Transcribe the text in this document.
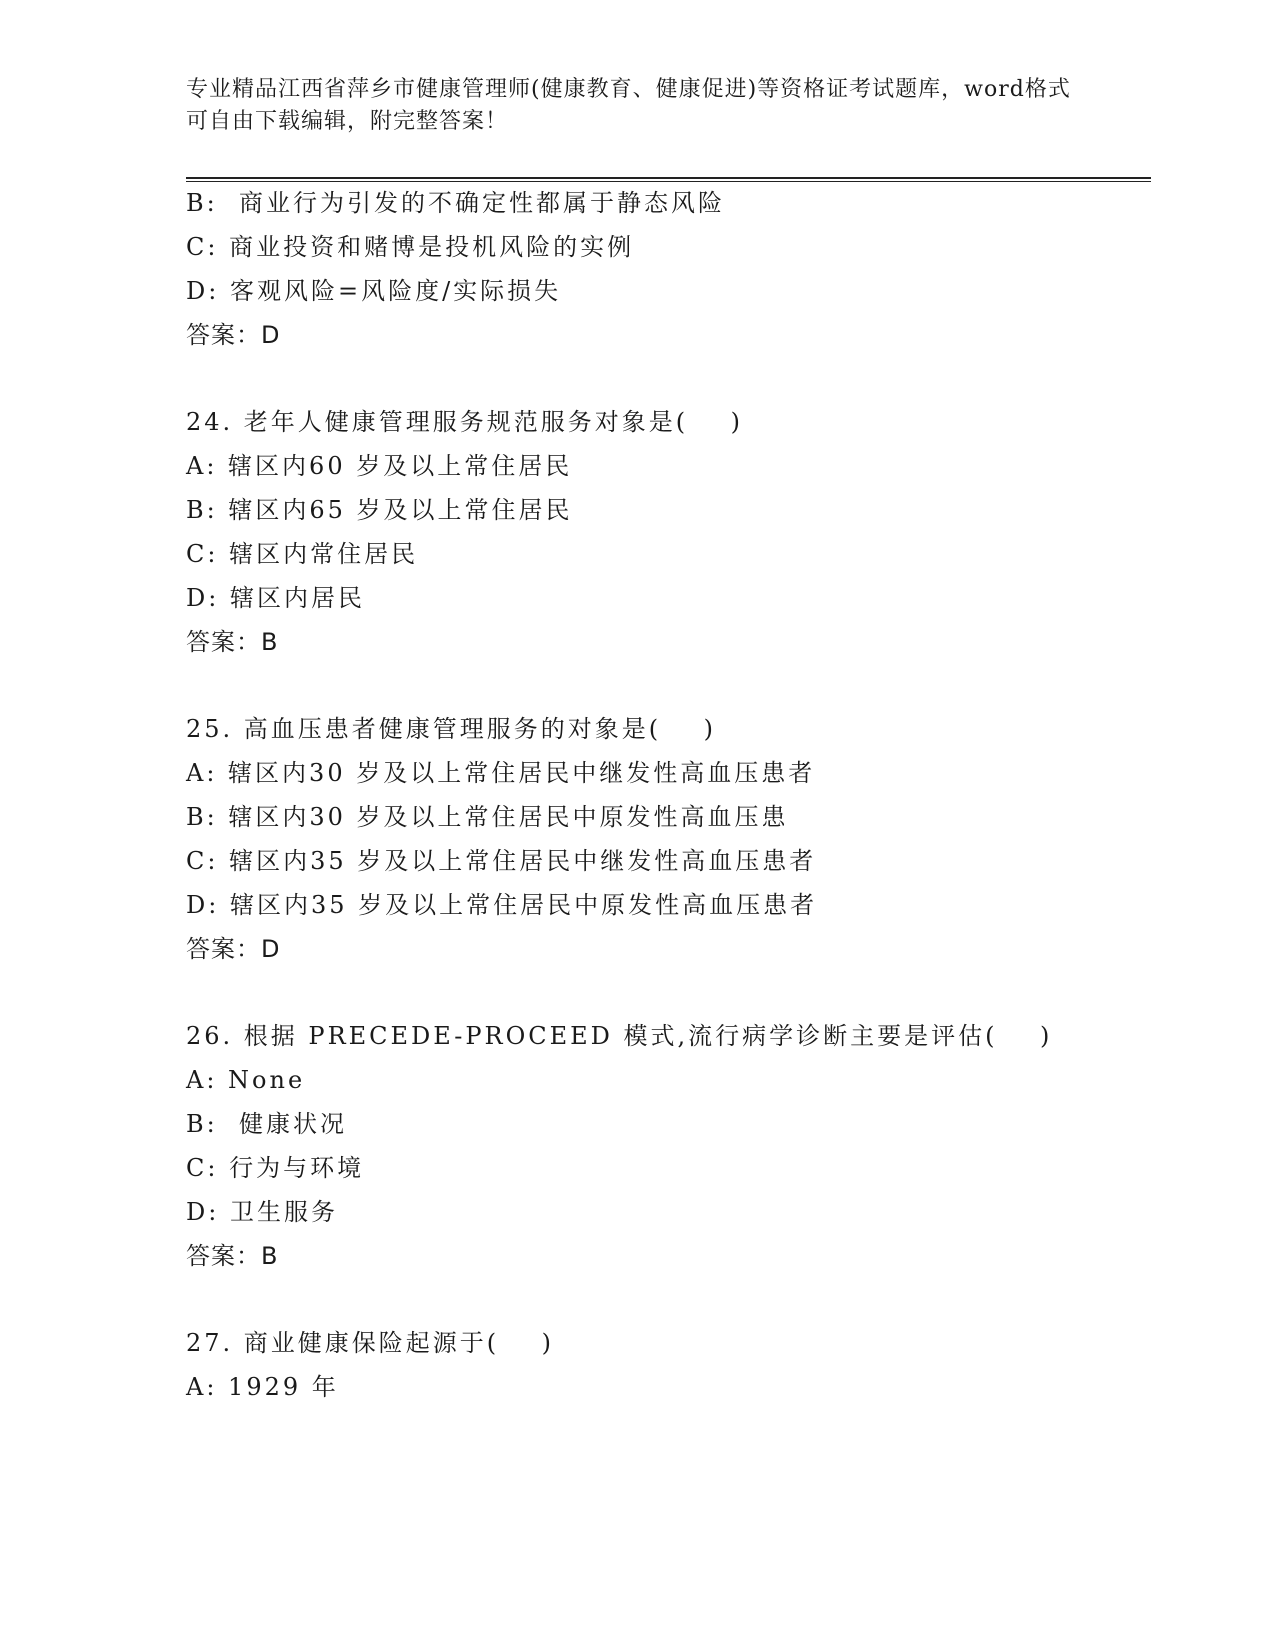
专业精品江西省萍乡市健康管理师(健康教育、健康促进)等资格证考试题库，word格式可自由下载编辑，附完整答案！
B:  商业行为引发的不确定性都属于静态风险
C: 商业投资和赌博是投机风险的实例
D: 客观风险=风险度/实际损失
答案：D
24. 老年人健康管理服务规范服务对象是(    )
A: 辖区内60 岁及以上常住居民
B: 辖区内65 岁及以上常住居民
C: 辖区内常住居民
D: 辖区内居民
答案：B
25. 高血压患者健康管理服务的对象是(    )
A: 辖区内30 岁及以上常住居民中继发性高血压患者
B: 辖区内30 岁及以上常住居民中原发性高血压患
C: 辖区内35 岁及以上常住居民中继发性高血压患者
D: 辖区内35 岁及以上常住居民中原发性高血压患者
答案：D
26. 根据 PRECEDE-PROCEED 模式,流行病学诊断主要是评估(    )
A: None
B:  健康状况
C: 行为与环境
D: 卫生服务
答案：B
27. 商业健康保险起源于(    )
A: 1929 年
